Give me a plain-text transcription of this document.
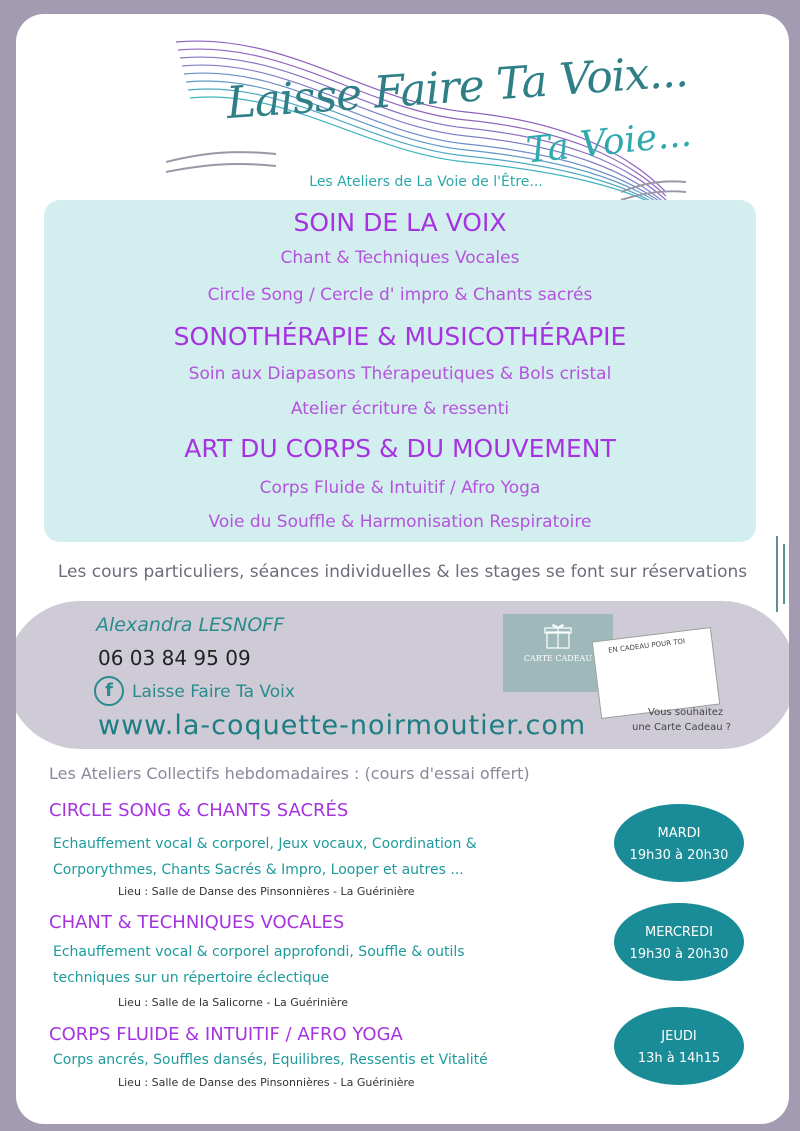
Laisse Faire Ta Voix...
Ta Voie...
Les Ateliers de La Voie de l'Être...
SOIN DE LA VOIX
Chant & Techniques Vocales
Circle Song / Cercle d' impro & Chants sacrés
SONOTHÉRAPIE & MUSICOTHÉRAPIE
Soin aux Diapasons Thérapeutiques & Bols cristal
Atelier écriture & ressenti
ART DU CORPS & DU MOUVEMENT
Corps Fluide & Intuitif / Afro Yoga
Voie du Souffle & Harmonisation Respiratoire
Les cours particuliers, séances individuelles & les stages se font sur réservations
Alexandra LESNOFF
06 03 84 95 09
f	Laisse Faire Ta Voix
www.la-coquette-noirmoutier.com
CARTE CADEAU
EN CADEAU POUR TOI
Vous souhaitez
une Carte Cadeau ?
Les Ateliers Collectifs hebdomadaires : (cours d'essai offert)
CIRCLE SONG & CHANTS SACRÉS
Echauffement vocal & corporel, Jeux vocaux, Coordination &
Corporythmes, Chants Sacrés & Impro, Looper et autres ...
Lieu : Salle de Danse des Pinsonnières - La Guérinière
MARDI
19h30 à 20h30
CHANT & TECHNIQUES VOCALES
Echauffement vocal & corporel approfondi, Souffle & outils
techniques sur un répertoire éclectique
Lieu : Salle de la Salicorne - La Guérinière
MERCREDI
19h30 à 20h30
CORPS FLUIDE & INTUITIF / AFRO YOGA
Corps ancrés, Souffles dansés, Equilibres, Ressentis et Vitalité
Lieu : Salle de Danse des Pinsonnières - La Guérinière
JEUDI
13h à 14h15
